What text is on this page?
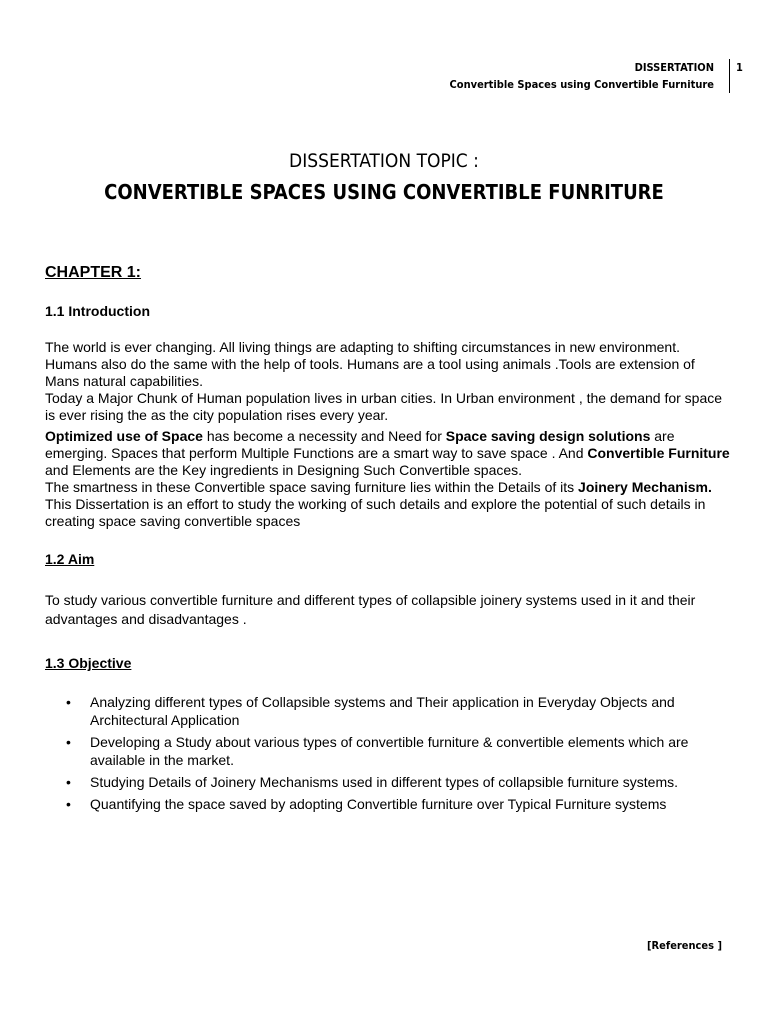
DISSERTATION
Convertible Spaces using Convertible Furniture
1
DISSERTATION TOPIC :
CONVERTIBLE SPACES USING CONVERTIBLE FUNRITURE
CHAPTER 1:
1.1 Introduction

The world is ever changing. All living things are adapting to shifting circumstances in new environment. Humans also do the same with the help of tools. Humans are a tool using animals .Tools are extension of Mans natural capabilities.

Today a Major Chunk of Human population lives in urban cities. In Urban environment , the demand for space is ever rising the as the city population rises every year.

Optimized use of Space has become a necessity and Need for Space saving design solutions are emerging. Spaces that perform Multiple Functions are a smart way to save space . And Convertible Furniture and Elements are the Key ingredients in Designing Such Convertible spaces.

The smartness in these Convertible space saving furniture lies within the Details of its Joinery Mechanism. This Dissertation is an effort to study the working of such details and explore the potential of such details in creating space saving convertible spaces

1.2 Aim
To study various convertible furniture and different types of collapsible joinery systems used in it and their advantages and disadvantages .
1.3 Objective
• Analyzing different types of Collapsible systems and Their application in Everyday Objects and Architectural Application
• Developing a Study about various types of convertible furniture & convertible elements which are available in the market.
• Studying Details of Joinery Mechanisms used in different types of collapsible furniture systems.
• Quantifying the space saved by adopting Convertible furniture over Typical Furniture systems
[References ]
